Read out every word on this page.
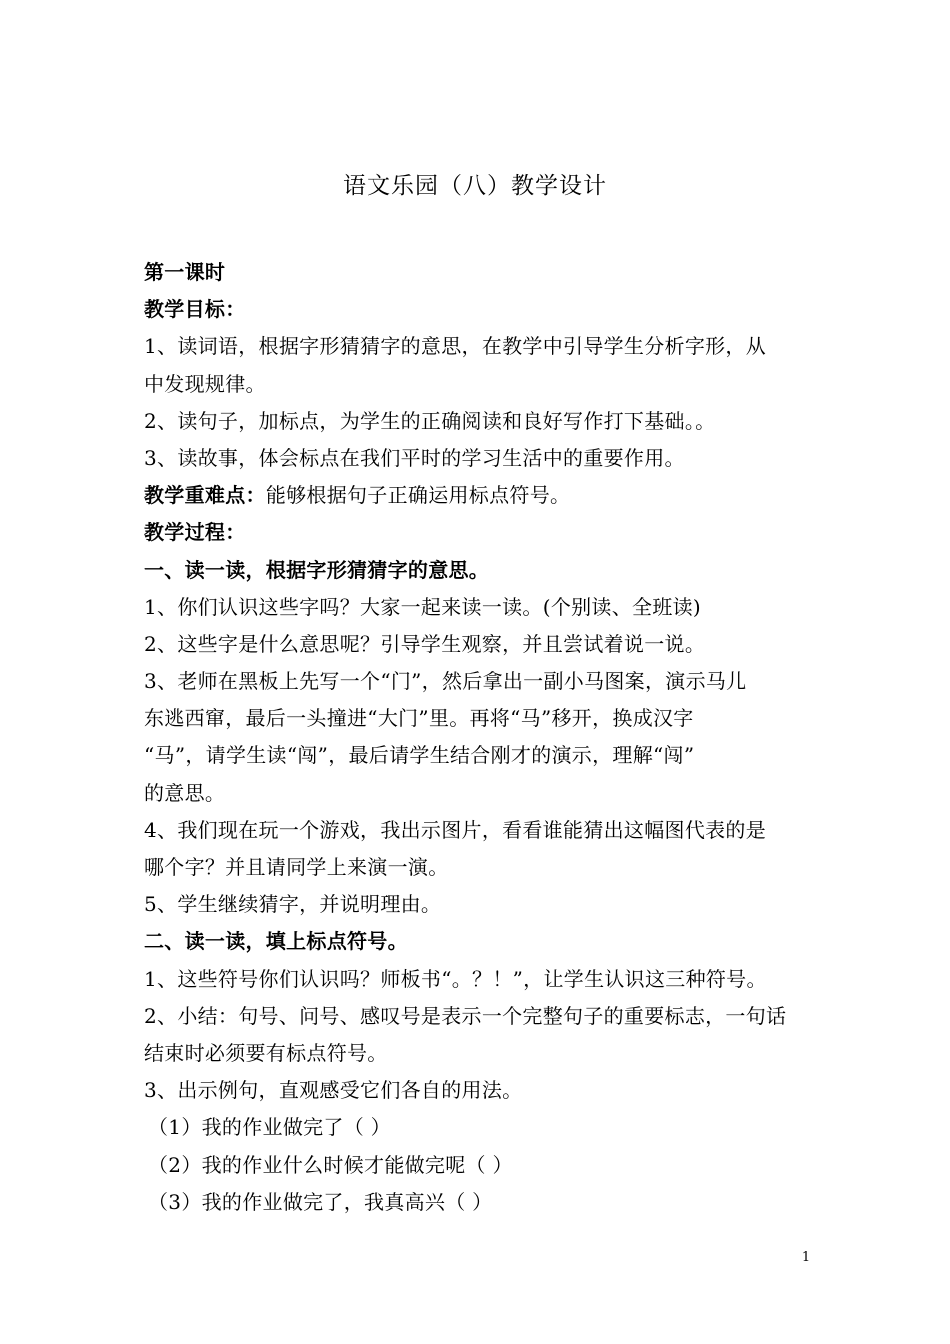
语文乐园（八）教学设计
第一课时
教学目标：
1、读词语，根据字形猜猜字的意思，在教学中引导学生分析字形，从
中发现规律。
2、读句子，加标点，为学生的正确阅读和良好写作打下基础。。
3、读故事，体会标点在我们平时的学习生活中的重要作用。
教学重难点：能够根据句子正确运用标点符号。
教学过程：
一、读一读，根据字形猜猜字的意思。
1、你们认识这些字吗？大家一起来读一读。(个别读、全班读)
2、这些字是什么意思呢？引导学生观察，并且尝试着说一说。
3、老师在黑板上先写一个“门”，然后拿出一副小马图案，演示马儿
东逃西窜，最后一头撞进“大门”里。再将“马”移开，换成汉字
“马”，请学生读“闯”，最后请学生结合刚才的演示，理解“闯”
的意思。
4、我们现在玩一个游戏，我出示图片，看看谁能猜出这幅图代表的是
哪个字？并且请同学上来演一演。
5、学生继续猜字，并说明理由。
二、读一读，填上标点符号。
1、这些符号你们认识吗？师板书“。？！”，让学生认识这三种符号。
2、小结：句号、问号、感叹号是表示一个完整句子的重要标志，一句话
结束时必须要有标点符号。
3、出示例句，直观感受它们各自的用法。
（1）我的作业做完了（ ）
（2）我的作业什么时候才能做完呢（ ）
（3）我的作业做完了，我真高兴（ ）
1
